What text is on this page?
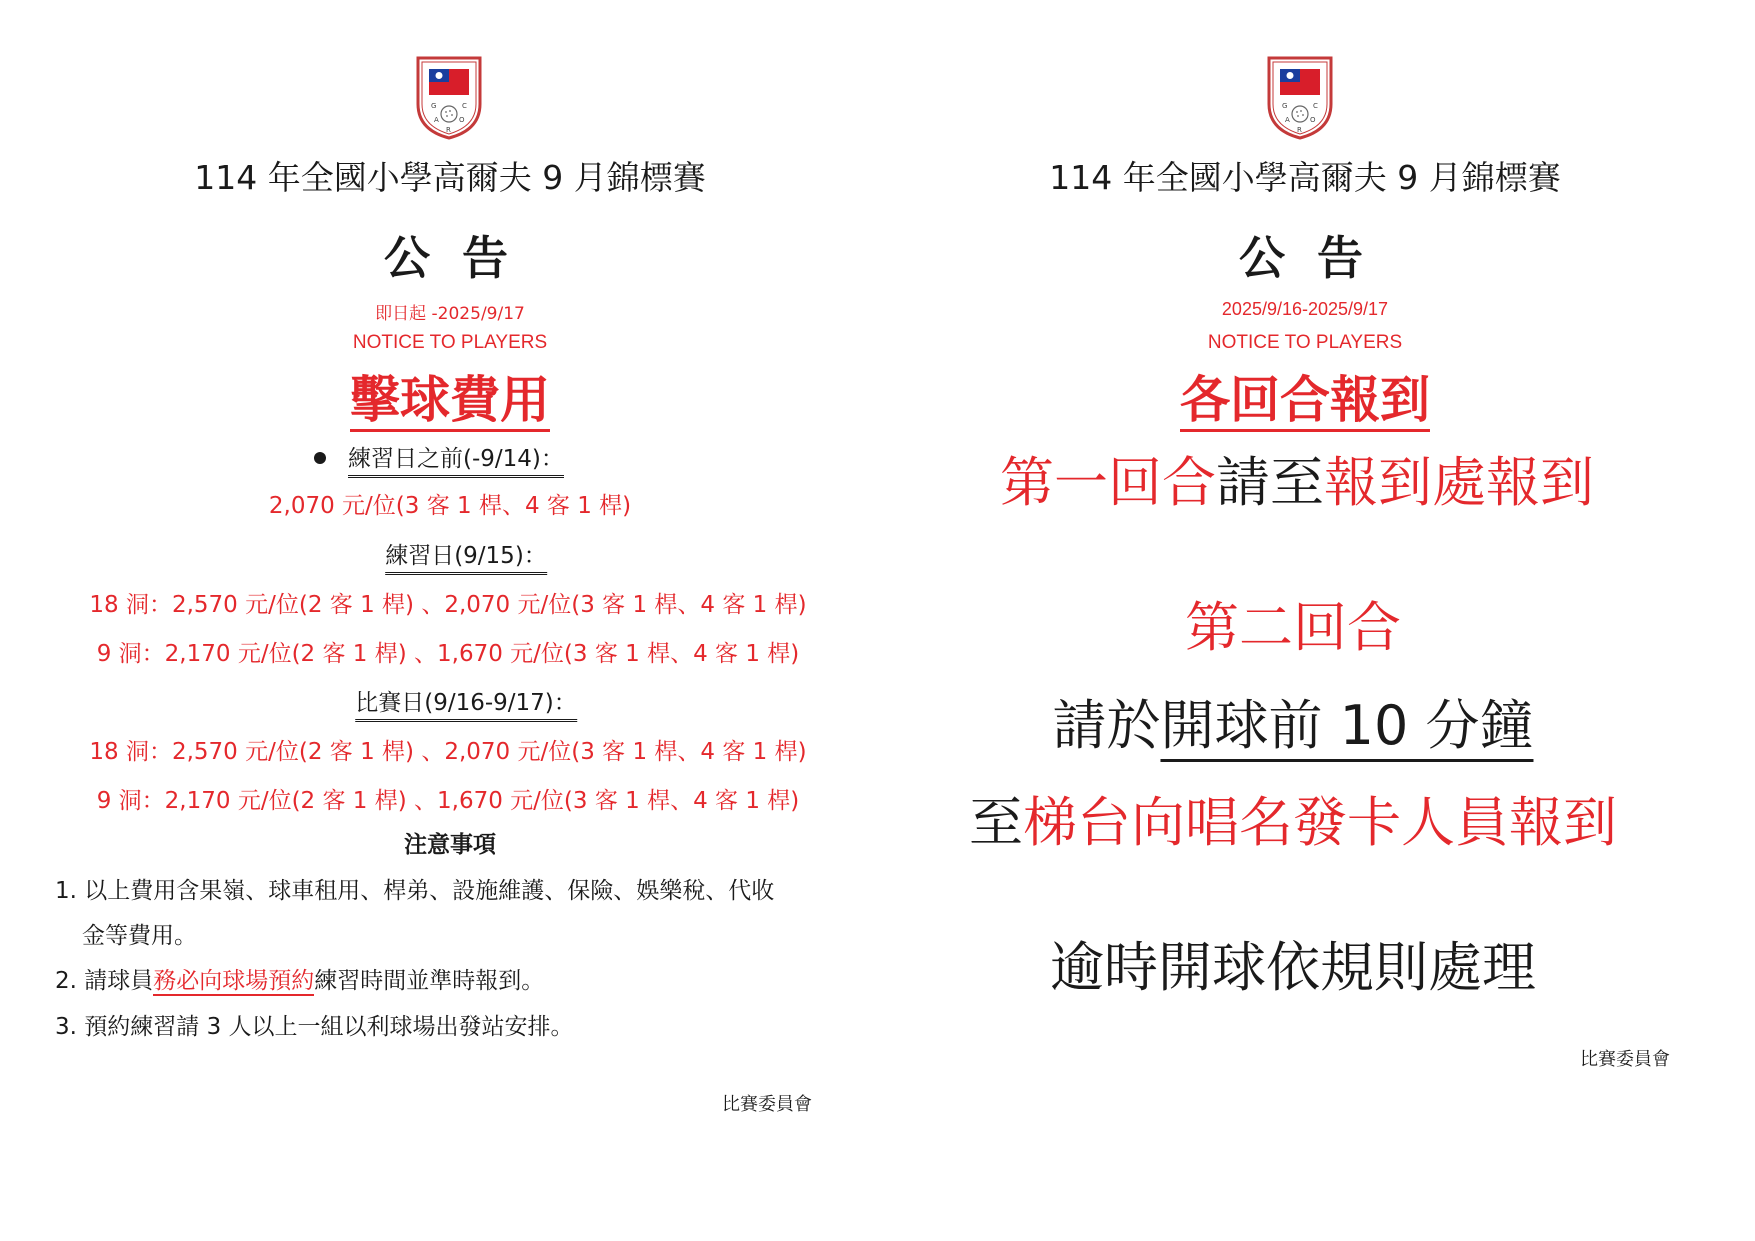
G
A	O
C
R
114 年全國小學高爾夫 9 月錦標賽
公 告
即日起 -2025/9/17
NOTICE TO PLAYERS
擊球費用
練習日之前(-9/14)：
2,070 元/位(3 客 1 桿、4 客 1 桿)
練習日(9/15)：
18 洞：2,570 元/位(2 客 1 桿) 、2,070 元/位(3 客 1 桿、4 客 1 桿)
9 洞：2,170 元/位(2 客 1 桿) 、1,670 元/位(3 客 1 桿、4 客 1 桿)
比賽日(9/16-9/17)：
18 洞：2,570 元/位(2 客 1 桿) 、2,070 元/位(3 客 1 桿、4 客 1 桿)
9 洞：2,170 元/位(2 客 1 桿) 、1,670 元/位(3 客 1 桿、4 客 1 桿)
注意事項
1. 以上費用含果嶺、球車租用、桿弟、設施維護、保險、娛樂稅、代收
金等費用。
2. 請球員務必向球場預約練習時間並準時報到。
3. 預約練習請 3 人以上一組以利球場出發站安排。
比賽委員會
G
A	O
C
R
114 年全國小學高爾夫 9 月錦標賽
公 告
2025/9/16-2025/9/17
NOTICE TO PLAYERS
各回合報到
第一回合請至報到處報到
第二回合
請於開球前 10 分鐘
至梯台向唱名發卡人員報到
逾時開球依規則處理
比賽委員會
